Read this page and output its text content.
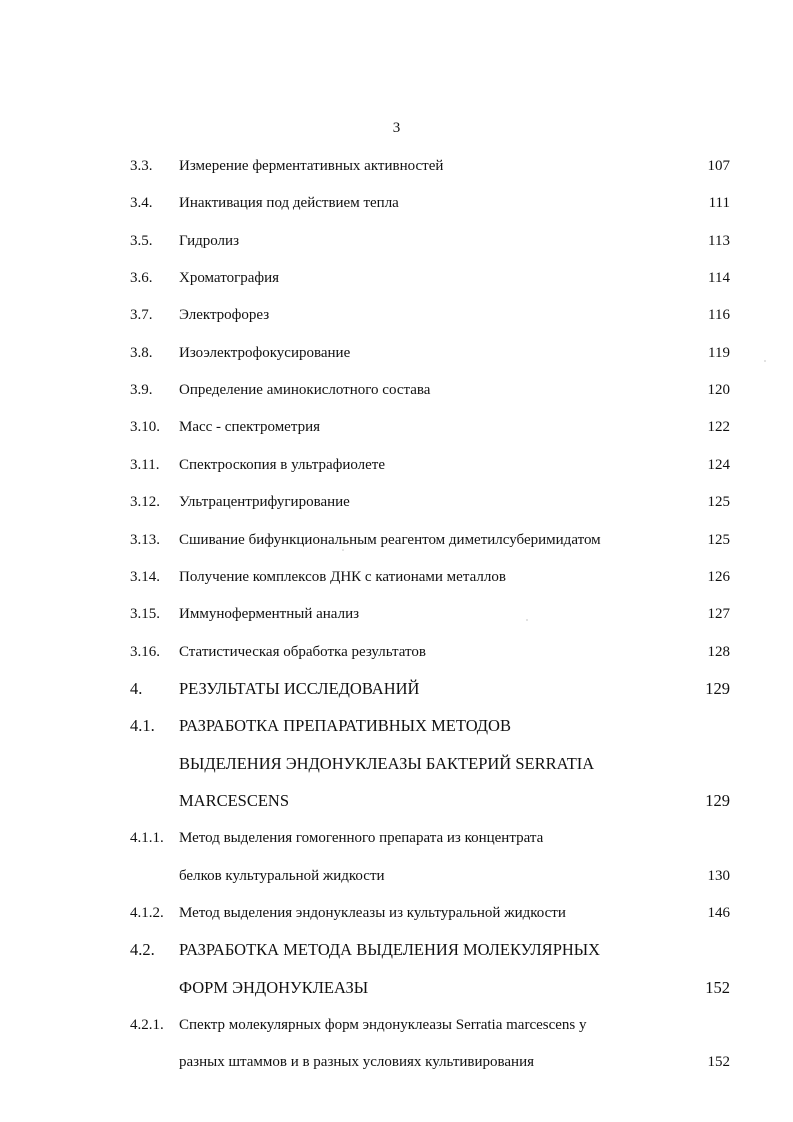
3
3.3. Измерение ферментативных активностей	107
3.4. Инактивация под действием тепла	111
3.5. Гидролиз	113
3.6. Хроматография	114
3.7. Электрофорез	116
3.8. Изоэлектрофокусирование	119
3.9. Определение аминокислотного состава	120
3.10. Масс - спектрометрия	122
3.11. Спектроскопия в ультрафиолете	124
3.12. Ультрацентрифугирование	125
3.13. Сшивание бифункциональным реагентом диметилсуберимидатом	125
3.14. Получение комплексов ДНК с катионами металлов	126
3.15. Иммуноферментный анализ	127
3.16. Статистическая обработка результатов	128
4. РЕЗУЛЬТАТЫ ИССЛЕДОВАНИЙ	129
4.1. РАЗРАБОТКА ПРЕПАРАТИВНЫХ МЕТОДОВ
ВЫДЕЛЕНИЯ ЭНДОНУКЛЕАЗЫ БАКТЕРИЙ SERRATIA
MARCESCENS	129
4.1.1. Метод выделения гомогенного препарата из концентрата
белков культуральной жидкости	130
4.1.2. Метод выделения эндонуклеазы из культуральной жидкости	146
4.2. РАЗРАБОТКА МЕТОДА ВЫДЕЛЕНИЯ МОЛЕКУЛЯРНЫХ
ФОРМ ЭНДОНУКЛЕАЗЫ	152
4.2.1. Спектр молекулярных форм эндонуклеазы Serratia marcescens у
разных штаммов и в разных условиях культивирования	152
